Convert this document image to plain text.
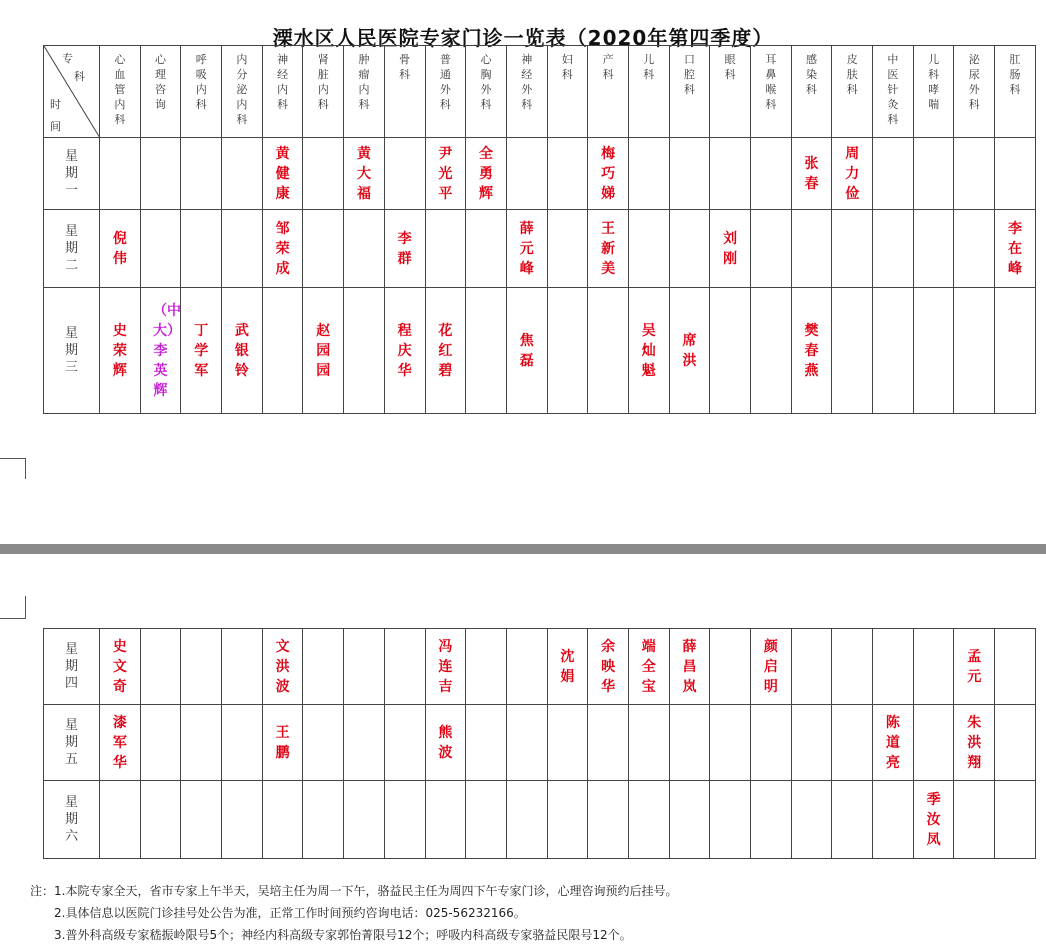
溧水区人民医院专家门诊一览表（2020年第四季度）
专
科
时
间	心血管内科	心理咨询	呼吸内科	内分泌内科	神经内科	肾脏内科	肿瘤内科	骨科	普通外科	心胸外科	神经外科	妇科	产科	儿科	口腔科	眼科	耳鼻喉科	感染科	皮肤科	中医针灸科	儿科哮喘	泌尿外科	肛肠科
星期一					黄健康		黄大福		尹光平	全勇辉			梅巧娣					张春	周力俭				
星期二	倪伟				邹荣成			李群			薛元峰		王新美			刘刚							李在峰
星期三	史荣辉	（中大）李英辉	丁学军	武银铃		赵园园		程庆华	花红碧		焦磊			吴灿魁	席洪			樊春燕					
星期四	史文奇				文洪波				冯连吉			沈娟	余映华	端全宝	薛昌岚		颜启明					孟元	
星期五	漆军华				王鹏				熊波											陈道亮		朱洪翔	
星期六																					季汝凤		
注：1.本院专家全天，省市专家上午半天，吴培主任为周一下午，骆益民主任为周四下午专家门诊，心理咨询预约后挂号。
2.具体信息以医院门诊挂号处公告为准，正常工作时间预约咨询电话：025-56232166。
3.普外科高级专家嵇振岭限号5个；神经内科高级专家郭怡菁限号12个；呼吸内科高级专家骆益民限号12个。
